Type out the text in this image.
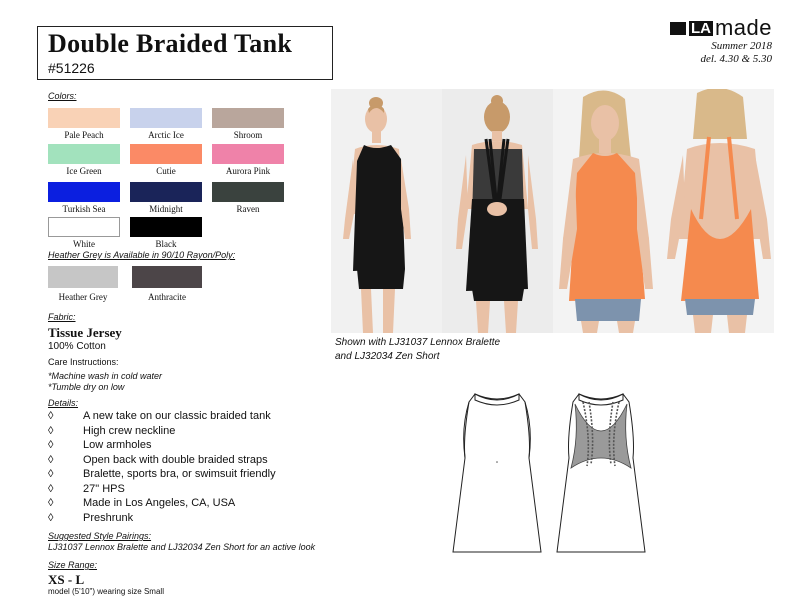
Double Braided Tank
#51226
LA made
Summer 2018
del. 4.30 & 5.30
Colors:
Pale Peach	Arctic Ice	Shroom
Ice Green	Cutie	Aurora Pink
Turkish Sea	Midnight	Raven
White	Black
Heather Grey is Available in 90/10 Rayon/Poly:
Heather Grey	Anthracite
Fabric:
Tissue Jersey
100% Cotton
Care Instructions:
*Machine wash in cold water
*Tumble dry on low
Details:
◊	A new take on our classic braided tank
◊	High crew neckline
◊	Low armholes
◊	Open back with double braided straps
◊	Bralette, sports bra, or swimsuit friendly
◊	27" HPS
◊	Made in Los Angeles, CA, USA
◊	Preshrunk
Suggested Style Pairings:
LJ31037 Lennox Bralette and LJ32034 Zen Short for an active look
Size Range:
XS - L
model (5'10") wearing size Small
Shown with LJ31037 Lennox Bralette
and LJ32034 Zen Short
